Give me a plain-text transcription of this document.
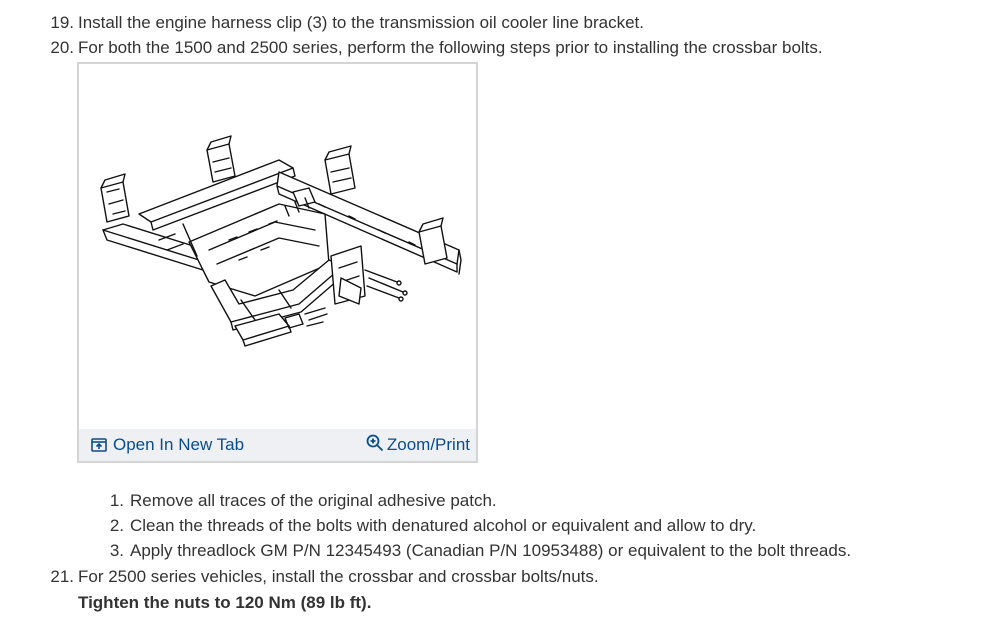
19. Install the engine harness clip (3) to the transmission oil cooler line bracket.
20. For both the 1500 and 2500 series, perform the following steps prior to installing the crossbar bolts.
Open In New Tab	Zoom/Print
1. Remove all traces of the original adhesive patch.
2. Clean the threads of the bolts with denatured alcohol or equivalent and allow to dry.
3. Apply threadlock GM P/N 12345493 (Canadian P/N 10953488) or equivalent to the bolt threads.
21. For 2500 series vehicles, install the crossbar and crossbar bolts/nuts.
Tighten the nuts to 120 Nm (89 lb ft).
